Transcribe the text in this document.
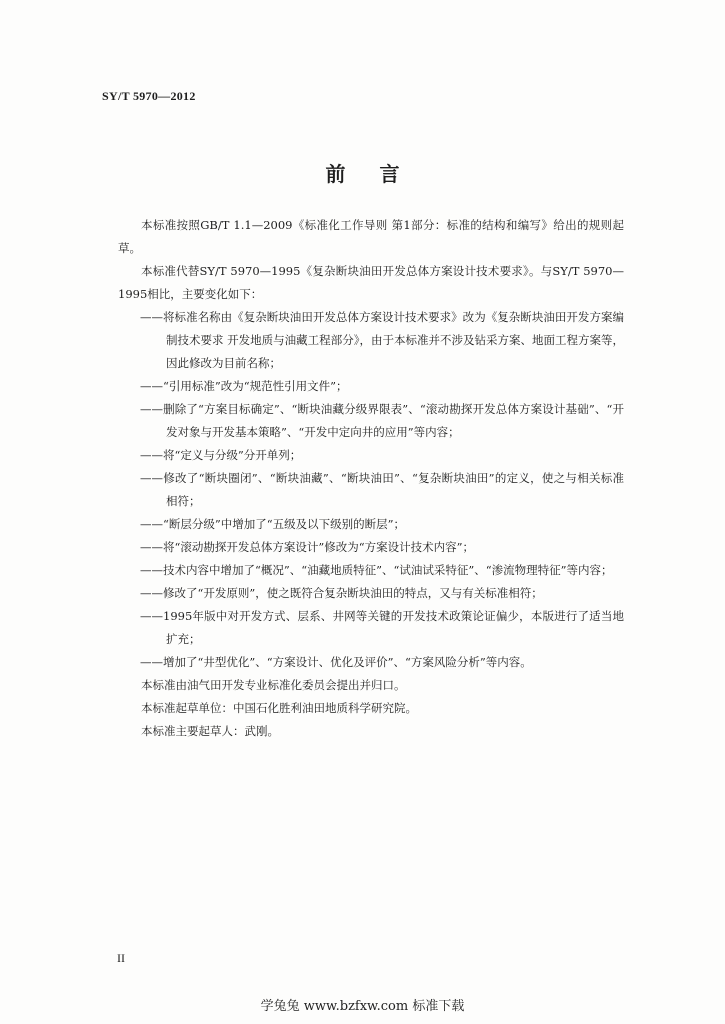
SY/T 5970—2012
前言

本标准按照GB/T 1.1—2009《标准化工作导则 第1部分：标准的结构和编写》给出的规则起草。

本标准代替SY/T 5970—1995《复杂断块油田开发总体方案设计技术要求》。与SY/T 5970—1995相比，主要变化如下：

——将标准名称由《复杂断块油田开发总体方案设计技术要求》改为《复杂断块油田开发方案编制技术要求 开发地质与油藏工程部分》，由于本标准并不涉及钻采方案、地面工程方案等，因此修改为目前名称；

——“引用标准”改为“规范性引用文件”；

——删除了“方案目标确定”、“断块油藏分级界限表”、“滚动勘探开发总体方案设计基础”、“开发对象与开发基本策略”、“开发中定向井的应用”等内容；

——将“定义与分级”分开单列；

——修改了“断块圈闭”、“断块油藏”、“断块油田”、“复杂断块油田”的定义，使之与相关标准相符；

——“断层分级”中增加了“五级及以下级别的断层”；

——将“滚动勘探开发总体方案设计”修改为“方案设计技术内容”；

——技术内容中增加了“概况”、“油藏地质特征”、“试油试采特征”、“渗流物理特征”等内容；

——修改了“开发原则”，使之既符合复杂断块油田的特点，又与有关标准相符；

——1995年版中对开发方式、层系、井网等关键的开发技术政策论证偏少，本版进行了适当地扩充；

——增加了“井型优化”、“方案设计、优化及评价”、“方案风险分析”等内容。

本标准由油气田开发专业标准化委员会提出并归口。

本标准起草单位：中国石化胜利油田地质科学研究院。

本标准主要起草人：武刚。

II
学兔兔 www.bzfxw.com 标准下载
